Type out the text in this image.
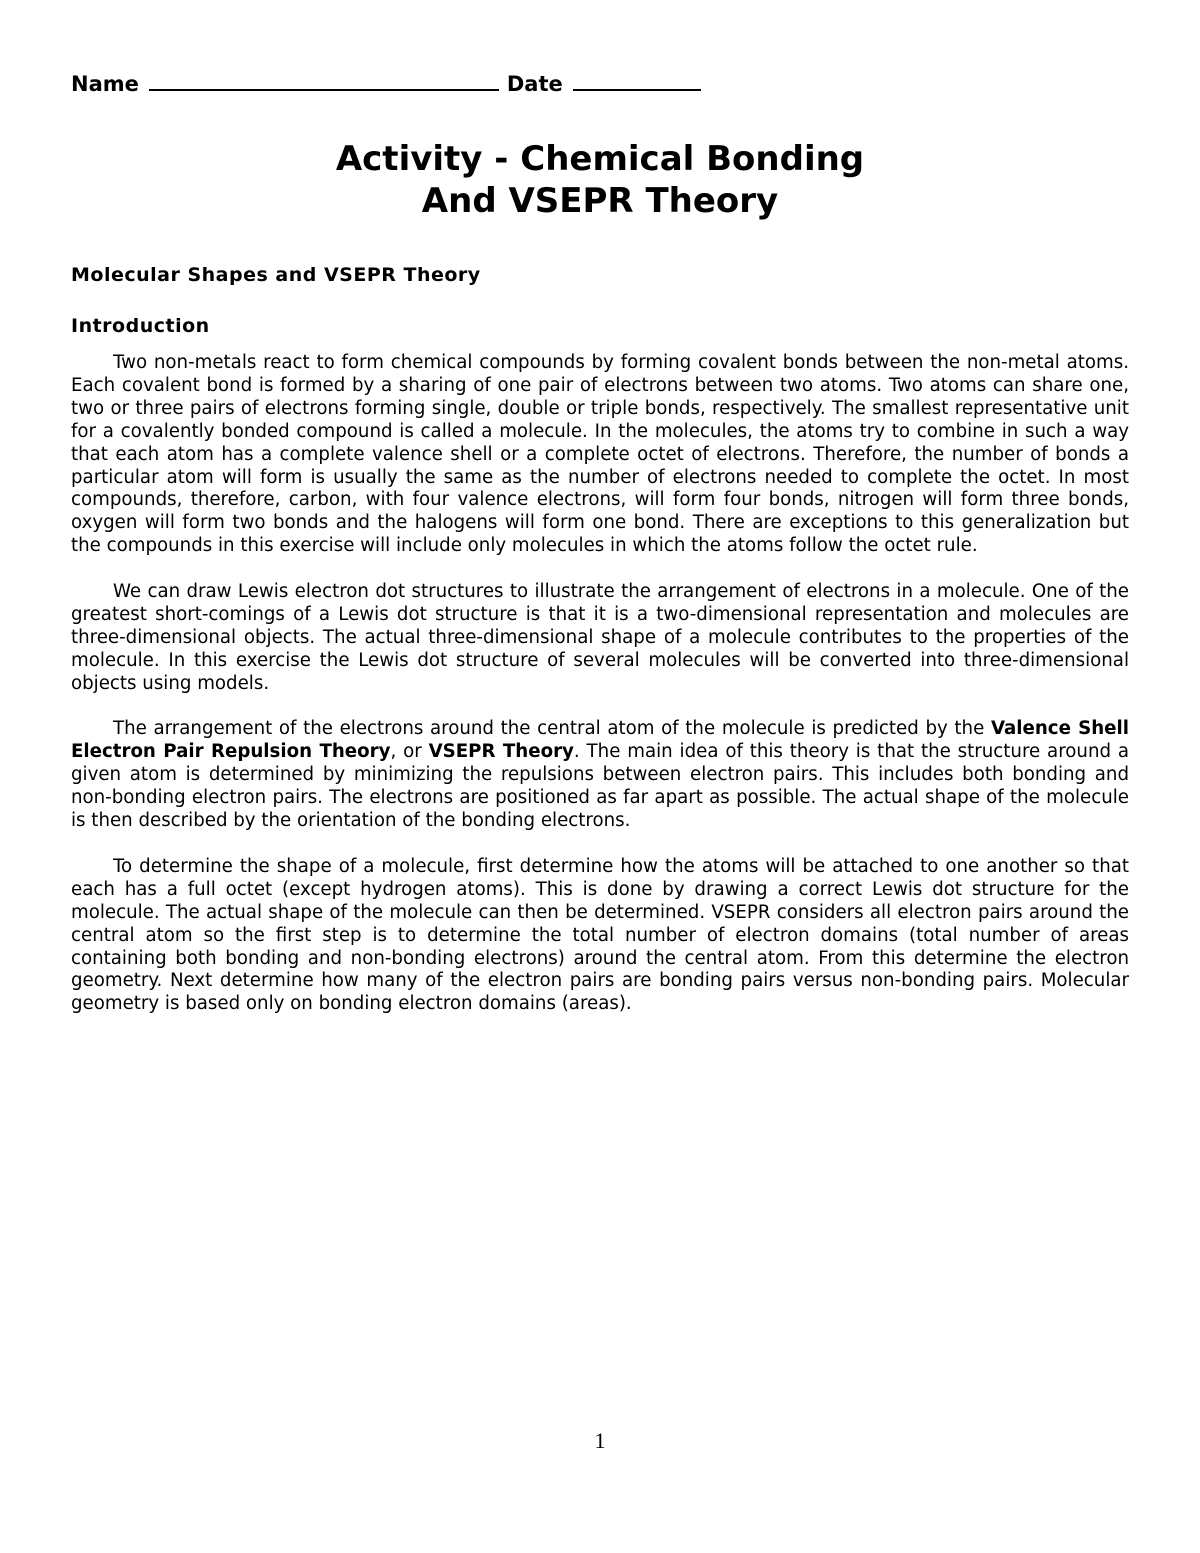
Name	Date
Activity - Chemical Bonding
And VSEPR Theory
Molecular Shapes and VSEPR Theory
Introduction

Two non-metals react to form chemical compounds by forming covalent bonds between the non-metal atoms. Each covalent bond is formed by a sharing of one pair of electrons between two atoms. Two atoms can share one, two or three pairs of electrons forming single, double or triple bonds, respectively. The smallest representative unit for a covalently bonded compound is called a molecule. In the molecules, the atoms try to combine in such a way that each atom has a complete valence shell or a complete octet of electrons. Therefore, the number of bonds a particular atom will form is usually the same as the number of electrons needed to complete the octet. In most compounds, therefore, carbon, with four valence electrons, will form four bonds, nitrogen will form three bonds, oxygen will form two bonds and the halogens will form one bond. There are exceptions to this generalization but the compounds in this exercise will include only molecules in which the atoms follow the octet rule.

We can draw Lewis electron dot structures to illustrate the arrangement of electrons in a molecule. One of the greatest short-comings of a Lewis dot structure is that it is a two-dimensional representation and molecules are three-dimensional objects. The actual three-dimensional shape of a molecule contributes to the properties of the molecule. In this exercise the Lewis dot structure of several molecules will be converted into three-dimensional objects using models.

The arrangement of the electrons around the central atom of the molecule is predicted by the Valence Shell Electron Pair Repulsion Theory, or VSEPR Theory. The main idea of this theory is that the structure around a given atom is determined by minimizing the repulsions between electron pairs. This includes both bonding and non-bonding electron pairs. The electrons are positioned as far apart as possible. The actual shape of the molecule is then described by the orientation of the bonding electrons.

To determine the shape of a molecule, first determine how the atoms will be attached to one another so that each has a full octet (except hydrogen atoms). This is done by drawing a correct Lewis dot structure for the molecule. The actual shape of the molecule can then be determined. VSEPR considers all electron pairs around the central atom so the first step is to determine the total number of electron domains (total number of areas containing both bonding and non-bonding electrons) around the central atom. From this determine the electron geometry. Next determine how many of the electron pairs are bonding pairs versus non-bonding pairs. Molecular geometry is based only on bonding electron domains (areas).

1
